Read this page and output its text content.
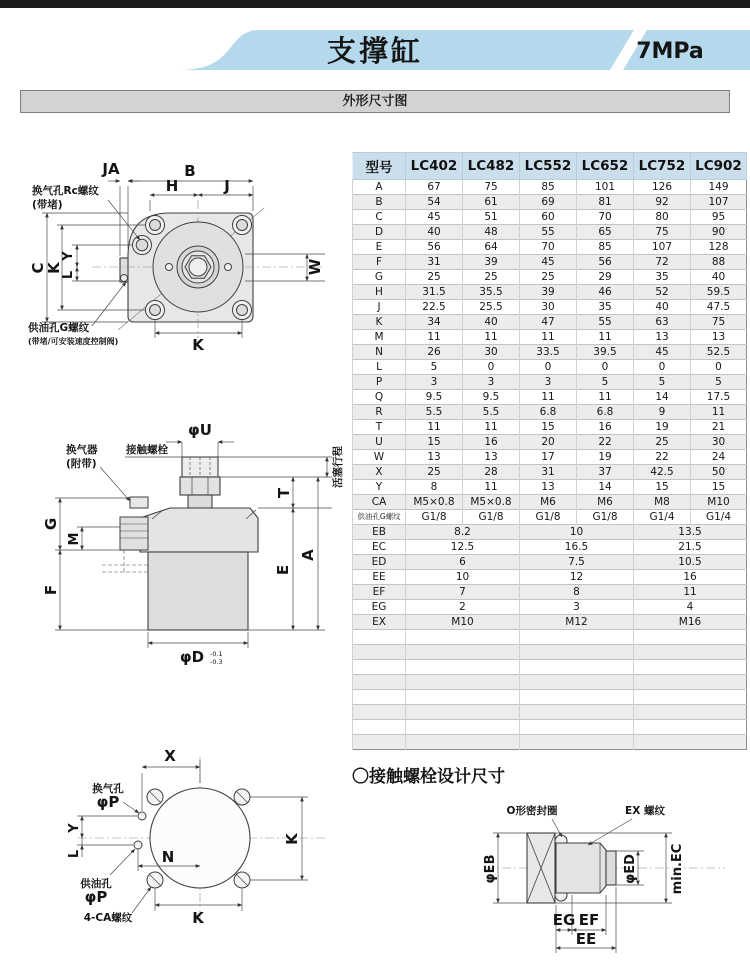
支撑缸	7MPa
外形尺寸图
JA	B
H	J
C
K
Y
L	W
K
换气孔Rc螺纹
(带堵)
供油孔G螺纹
(带堵/可安装速度控制阀)
φU
活塞行程
T
A
E
G
M
F
φD -0.1
-0.3
换气器
(附带)
接触螺栓
X
Y
L	N
K
K
换气孔
φP
供油孔
φP
4-CA螺纹
〇接触螺栓设计尺寸
O形密封圈	EX 螺纹
φEB	φED min.EC
EG EF
EE
型号	LC402	LC482	LC552	LC652	LC752	LC902
A	67	75	85	101	126	149
B	54	61	69	81	92	107
C	45	51	60	70	80	95
D	40	48	55	65	75	90
E	56	64	70	85	107	128
F	31	39	45	56	72	88
G	25	25	25	29	35	40
H	31.5	35.5	39	46	52	59.5
J	22.5	25.5	30	35	40	47.5
K	34	40	47	55	63	75
M	11	11	11	11	13	13
N	26	30	33.5	39.5	45	52.5
L	5	0	0	0	0	0
P	3	3	3	5	5	5
Q	9.5	9.5	11	11	14	17.5
R	5.5	5.5	6.8	6.8	9	11
T	11	11	15	16	19	21
U	15	16	20	22	25	30
W	13	13	17	19	22	24
X	25	28	31	37	42.5	50
Y	8	11	13	14	15	15
CA	M5×0.8	M5×0.8	M6	M6	M8	M10
供油孔G螺纹	G1/8	G1/8	G1/8	G1/8	G1/4	G1/4
EB	8.2		10		13.5	
EC	12.5		16.5		21.5	
ED	6		7.5		10.5	
EE	10		12		16	
EF	7		8		11	
EG	2		3		4	
EX	M10		M12		M16	
